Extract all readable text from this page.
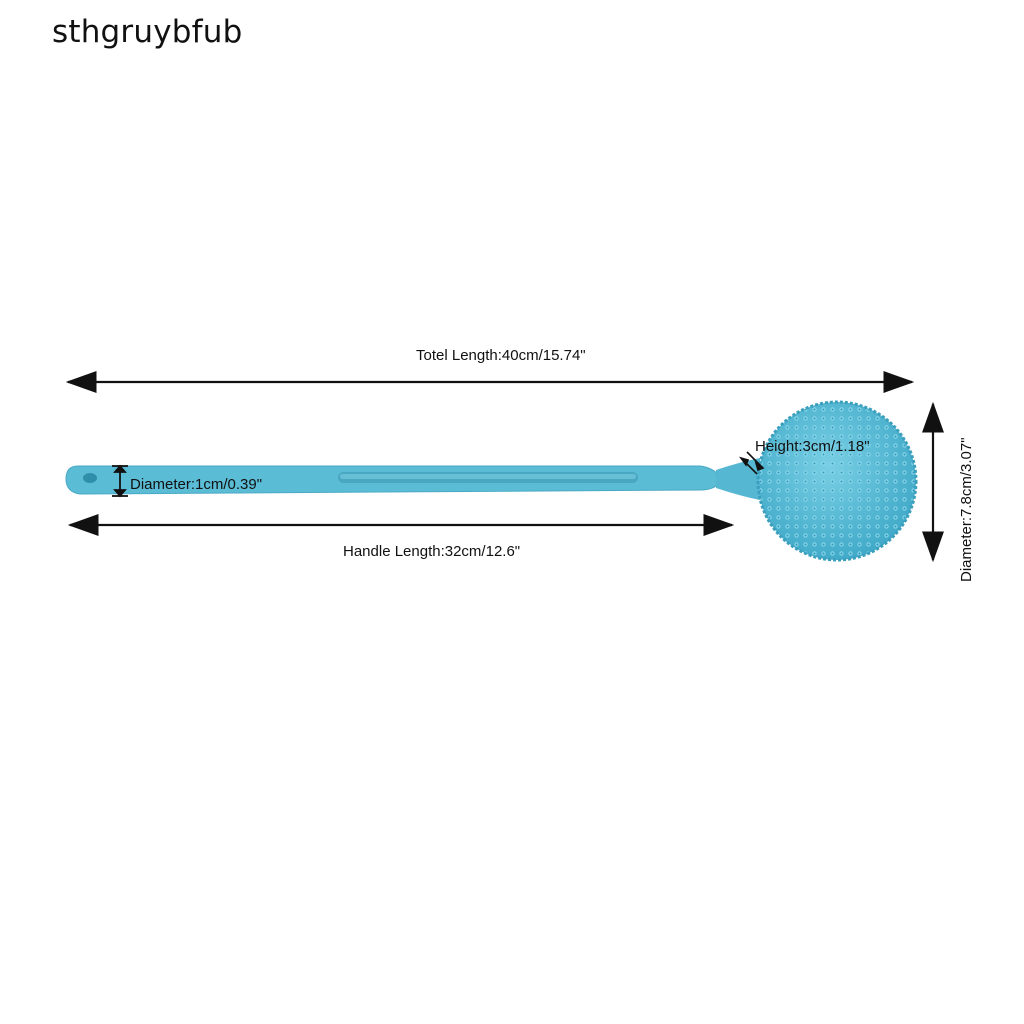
sthgruybfub
Totel Length:40cm/15.74"
Handle Length:32cm/12.6"
Diameter:1cm/0.39"
Height:3cm/1.18"	Diameter:7.8cm/3.07"
